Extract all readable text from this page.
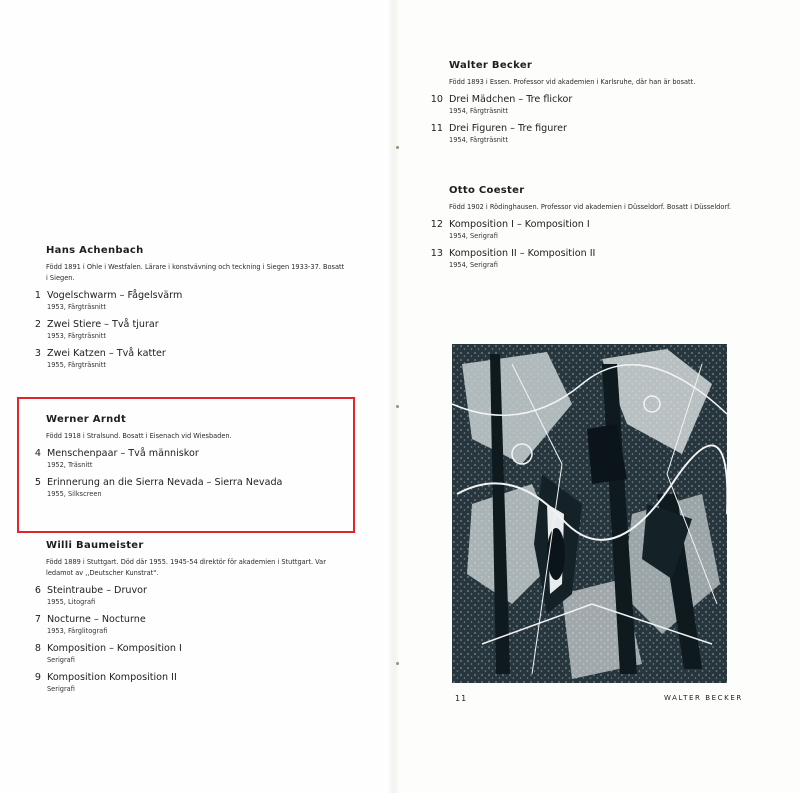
Hans Achenbach

Född 1891 i Ohle i Westfalen. Lärare i konstvävning och teckning i Siegen 1933-37. Bosatt i Siegen.

1 Vogelschwarm – Fågelsvärm
1953, Färgträsnitt
2 Zwei Stiere – Två tjurar
1953, Färgträsnitt
3 Zwei Katzen – Två katter
1955, Färgträsnitt
Werner Arndt

Född 1918 i Stralsund. Bosatt i Eisenach vid Wiesbaden.

4 Menschenpaar – Två människor
1952, Träsnitt
5 Erinnerung an die Sierra Nevada – Sierra Nevada
1955, Silkscreen
Willi Baumeister

Född 1889 i Stuttgart. Död där 1955. 1945-54 direktör för akademien i Stuttgart. Var ledamot av ,,Deutscher Kunstrat".

6 Steintraube – Druvor
1955, Litografi
7 Nocturne – Nocturne
1953, Färglitografi
8 Komposition – Komposition I
Serigrafi
9 Komposition Komposition II
Serigrafi
Walter Becker

Född 1893 i Essen. Professor vid akademien i Karlsruhe, där han är bosatt.

10 Drei Mädchen – Tre flickor
1954, Färgträsnitt
11 Drei Figuren – Tre figurer
1954, Färgträsnitt
Otto Coester

Född 1902 i Rödinghausen. Professor vid akademien i Düsseldorf. Bosatt i Düsseldorf.

12 Komposition I – Komposition I
1954, Serigrafi
13 Komposition II – Komposition II
1954, Serigrafi
11	WALTER BECKER
